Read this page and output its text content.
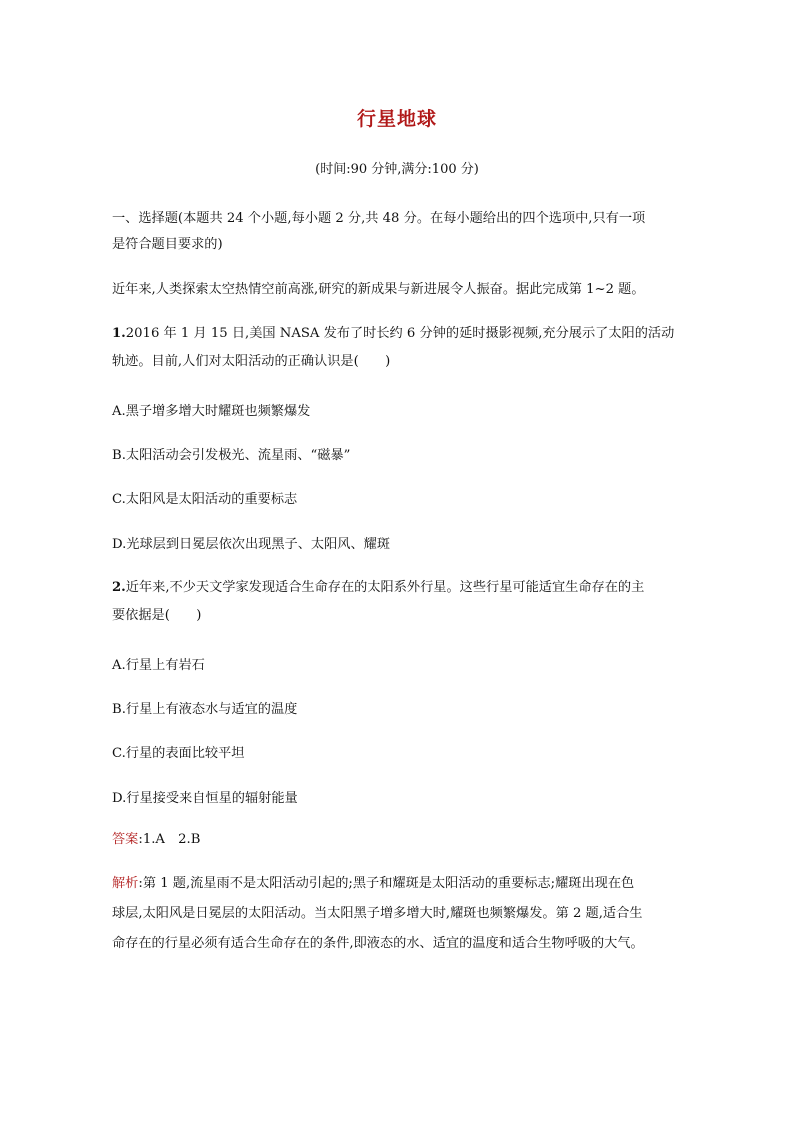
行星地球
(时间:90 分钟,满分:100 分)
一、选择题(本题共 24 个小题,每小题 2 分,共 48 分。在每小题给出的四个选项中,只有一项
是符合题目要求的)
近年来,人类探索太空热情空前高涨,研究的新成果与新进展令人振奋。据此完成第 1~2 题。
1.2016 年 1 月 15 日,美国 NASA 发布了时长约 6 分钟的延时摄影视频,充分展示了太阳的活动
轨迹。目前,人们对太阳活动的正确认识是(　　)
A.黑子增多增大时耀斑也频繁爆发
B.太阳活动会引发极光、流星雨、“磁暴”
C.太阳风是太阳活动的重要标志
D.光球层到日冕层依次出现黑子、太阳风、耀斑
2.近年来,不少天文学家发现适合生命存在的太阳系外行星。这些行星可能适宜生命存在的主
要依据是(　　)
A.行星上有岩石
B.行星上有液态水与适宜的温度
C.行星的表面比较平坦
D.行星接受来自恒星的辐射能量
答案:1.A　2.B
解析:第 1 题,流星雨不是太阳活动引起的;黑子和耀斑是太阳活动的重要标志;耀斑出现在色
球层,太阳风是日冕层的太阳活动。当太阳黑子增多增大时,耀斑也频繁爆发。第 2 题,适合生
命存在的行星必须有适合生命存在的条件,即液态的水、适宜的温度和适合生物呼吸的大气。
